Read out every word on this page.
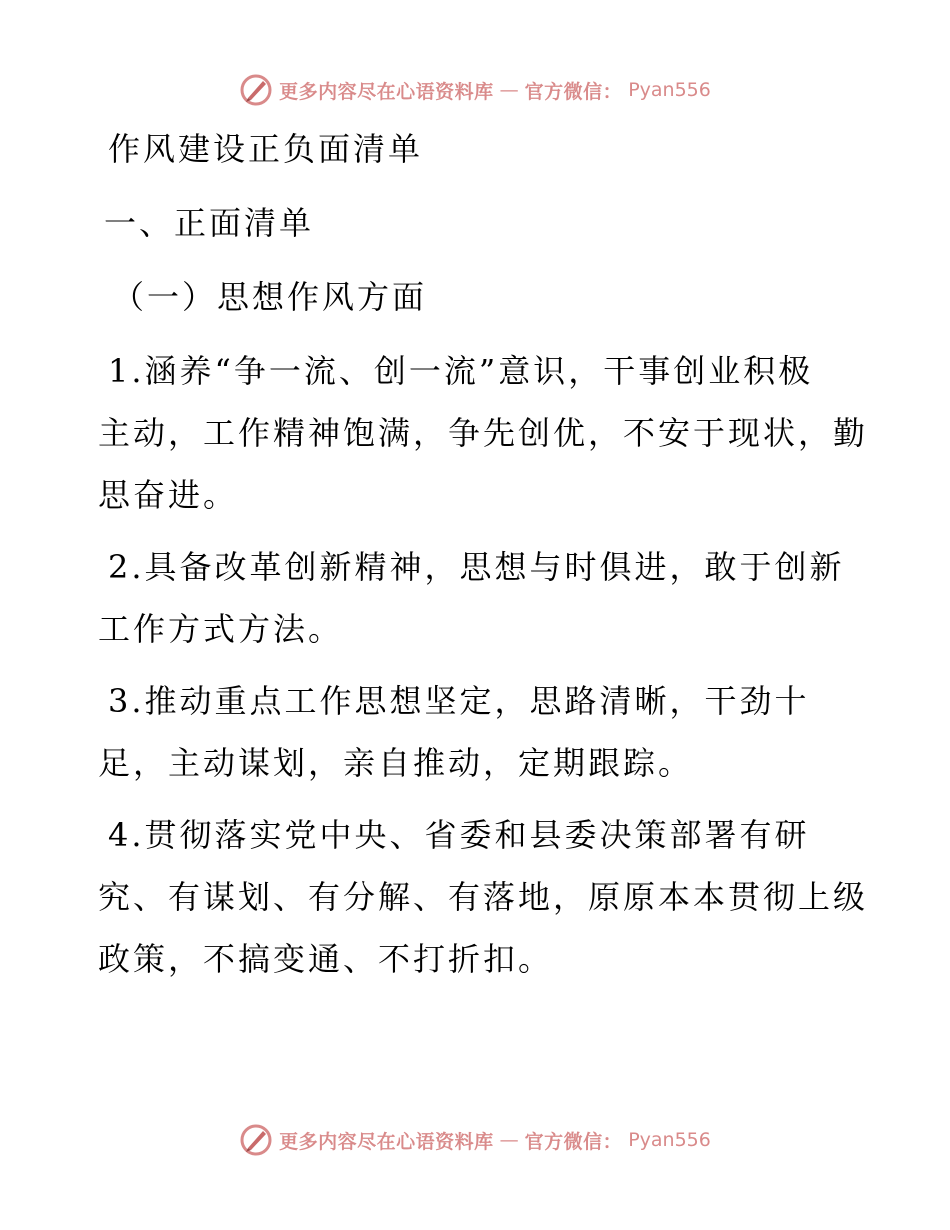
更多内容尽在心语资料库 — 官方微信： Pyan556
作风建设正负面清单
一、正面清单
（一）思想作风方面
1.涵养“争一流、创一流”意识，干事创业积极
主动，工作精神饱满，争先创优，不安于现状，勤
思奋进。
2.具备改革创新精神，思想与时俱进，敢于创新
工作方式方法。
3.推动重点工作思想坚定，思路清晰，干劲十
足，主动谋划，亲自推动，定期跟踪。
4.贯彻落实党中央、省委和县委决策部署有研
究、有谋划、有分解、有落地，原原本本贯彻上级
政策，不搞变通、不打折扣。
更多内容尽在心语资料库 — 官方微信： Pyan556
